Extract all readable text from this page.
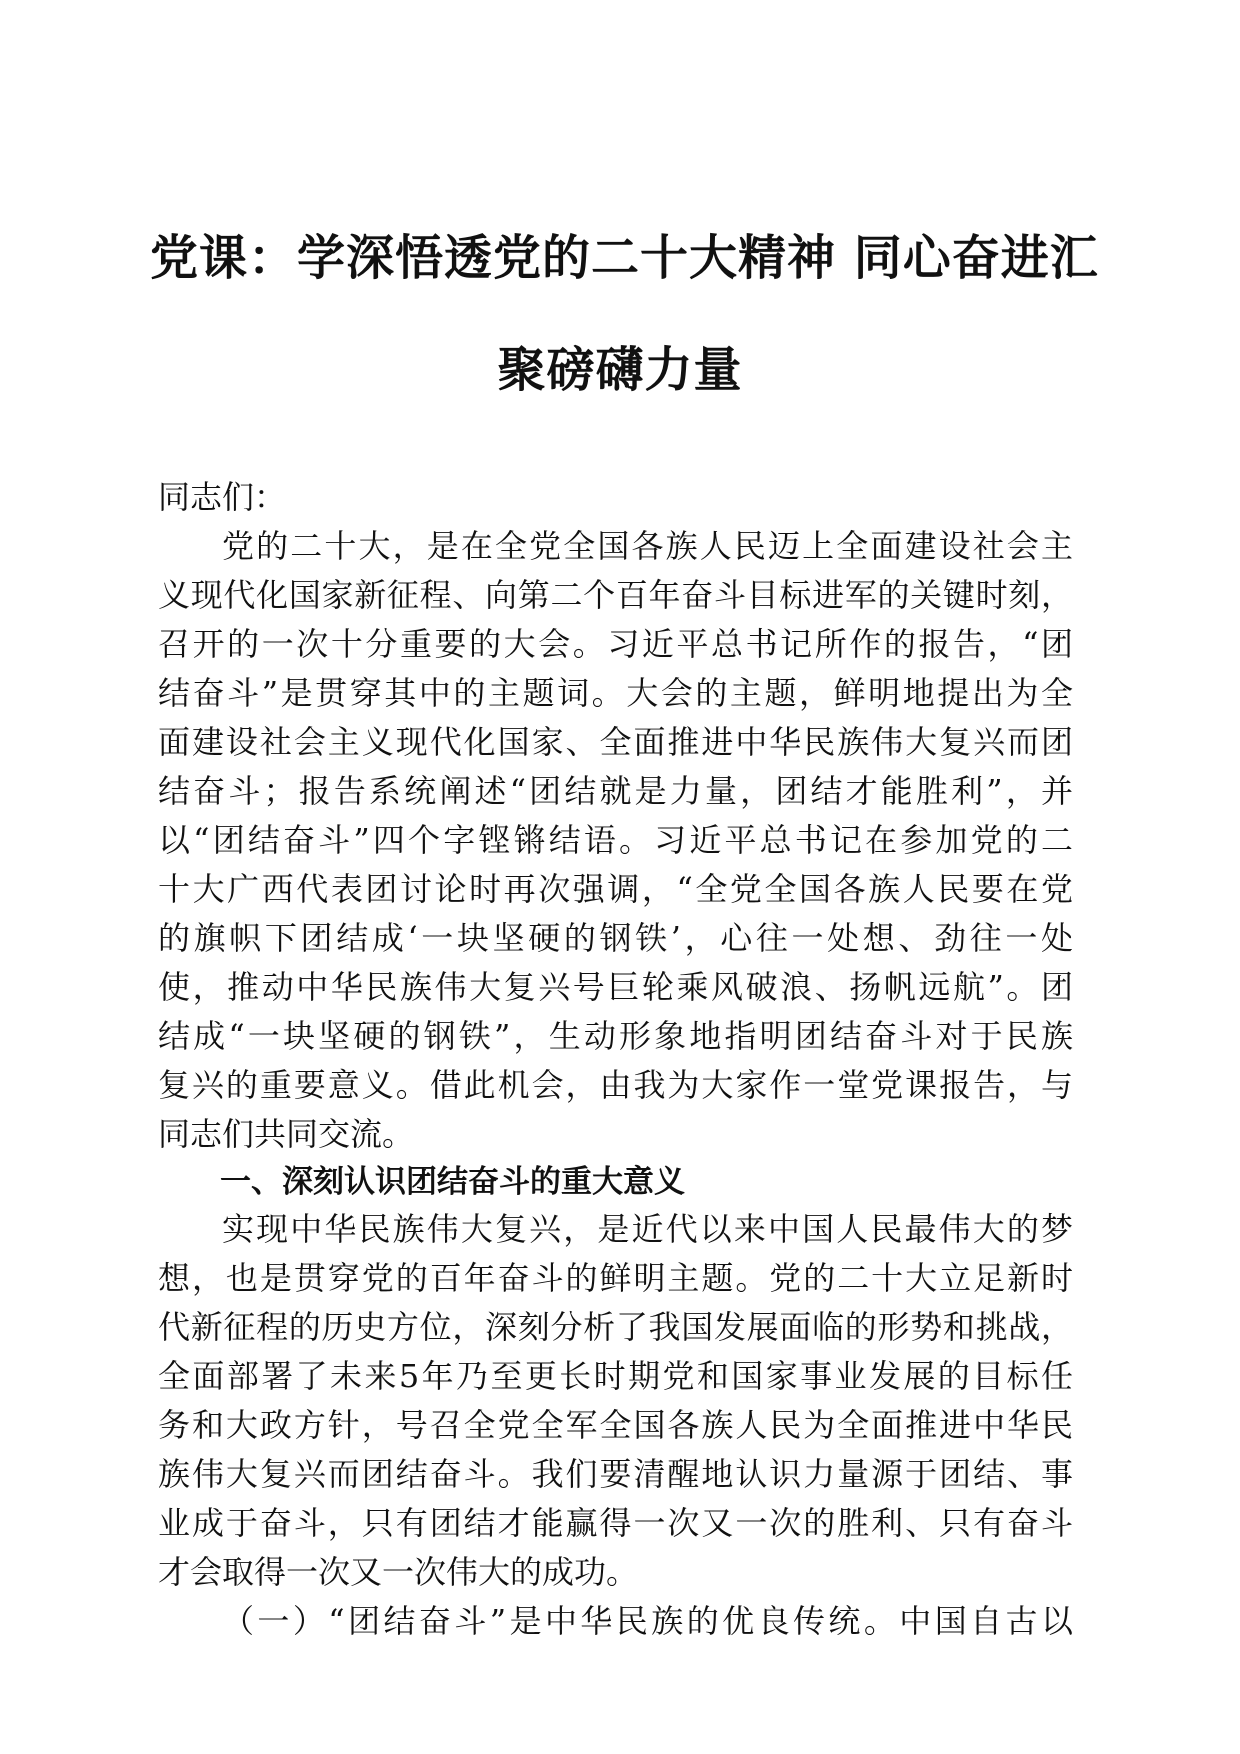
党课：学深悟透党的二十大精神 同心奋进汇
聚磅礴力量
同志们：
党的二十大，是在全党全国各族人民迈上全面建设社会主
义现代化国家新征程、向第二个百年奋斗目标进军的关键时刻，
召开的一次十分重要的大会。习近平总书记所作的报告，“团
结奋斗”是贯穿其中的主题词。大会的主题，鲜明地提出为全
面建设社会主义现代化国家、全面推进中华民族伟大复兴而团
结奋斗；报告系统阐述“团结就是力量，团结才能胜利”，并
以“团结奋斗”四个字铿锵结语。习近平总书记在参加党的二
十大广西代表团讨论时再次强调，“全党全国各族人民要在党
的旗帜下团结成‘一块坚硬的钢铁’，心往一处想、劲往一处
使，推动中华民族伟大复兴号巨轮乘风破浪、扬帆远航”。团
结成“一块坚硬的钢铁”，生动形象地指明团结奋斗对于民族
复兴的重要意义。借此机会，由我为大家作一堂党课报告，与
同志们共同交流。
一、深刻认识团结奋斗的重大意义
实现中华民族伟大复兴，是近代以来中国人民最伟大的梦
想，也是贯穿党的百年奋斗的鲜明主题。党的二十大立足新时
代新征程的历史方位，深刻分析了我国发展面临的形势和挑战，
全面部署了未来5年乃至更长时期党和国家事业发展的目标任
务和大政方针，号召全党全军全国各族人民为全面推进中华民
族伟大复兴而团结奋斗。我们要清醒地认识力量源于团结、事
业成于奋斗，只有团结才能赢得一次又一次的胜利、只有奋斗
才会取得一次又一次伟大的成功。
（一）“团结奋斗”是中华民族的优良传统。中国自古以
